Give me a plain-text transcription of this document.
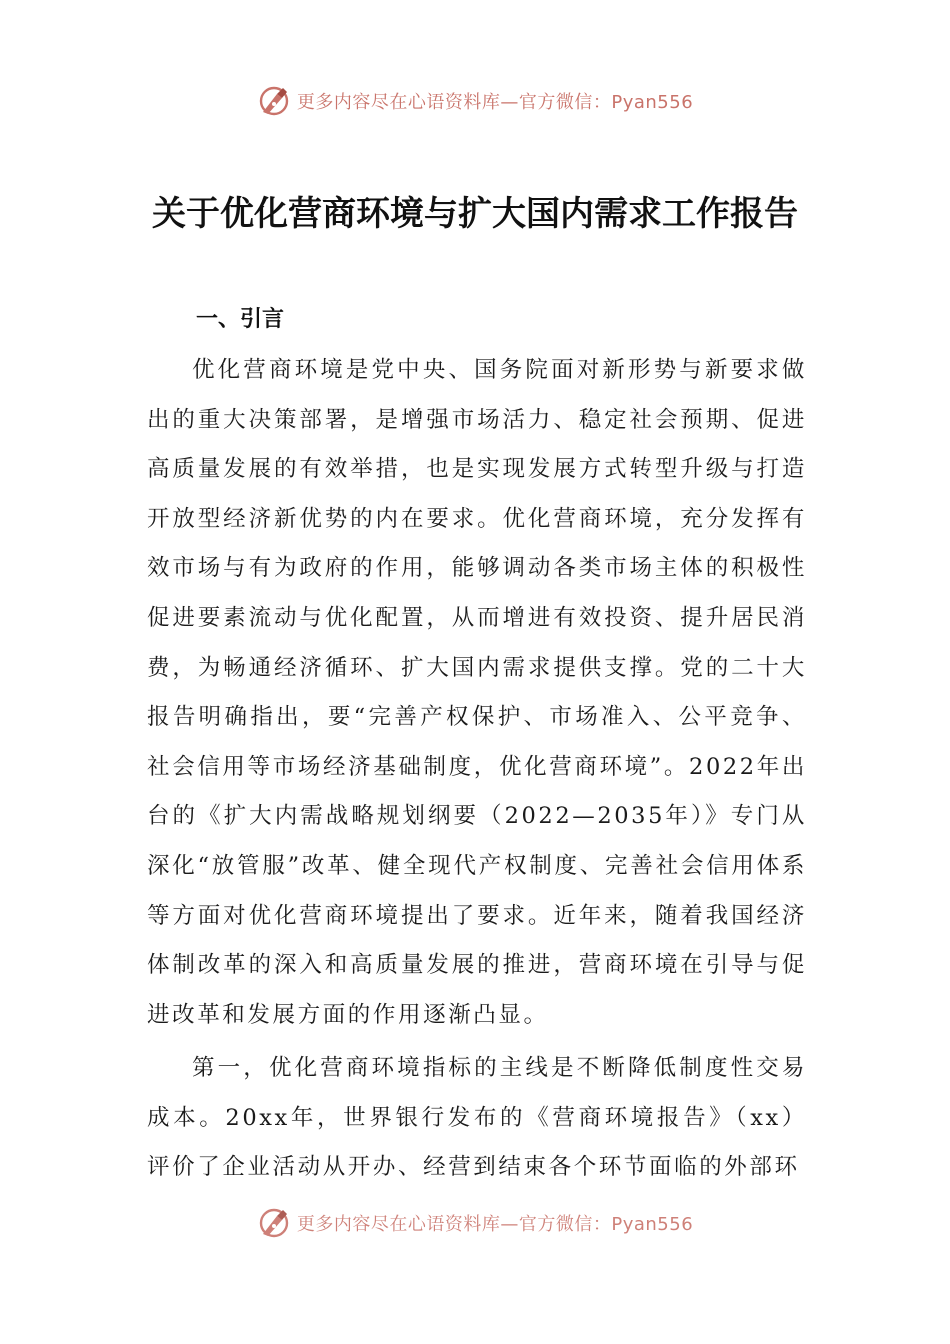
更多内容尽在心语资料库—官方微信：Pyan556
关于优化营商环境与扩大国内需求工作报告
一、引言

优化营商环境是党中央、国务院面对新形势与新要求做出的重大决策部署，是增强市场活力、稳定社会预期、促进高质量发展的有效举措，也是实现发展方式转型升级与打造开放型经济新优势的内在要求。优化营商环境，充分发挥有效市场与有为政府的作用，能够调动各类市场主体的积极性促进要素流动与优化配置，从而增进有效投资、提升居民消费，为畅通经济循环、扩大国内需求提供支撑。党的二十大报告明确指出，要“完善产权保护、市场准入、公平竞争、社会信用等市场经济基础制度，优化营商环境”。2022年出台的《扩大内需战略规划纲要（2022—2035年）》专门从深化“放管服”改革、健全现代产权制度、完善社会信用体系等方面对优化营商环境提出了要求。近年来，随着我国经济体制改革的深入和高质量发展的推进，营商环境在引导与促进改革和发展方面的作用逐渐凸显。

第一，优化营商环境指标的主线是不断降低制度性交易成本。20xx年，世界银行发布的《营商环境报告》（xx）评价了企业活动从开办、经营到结束各个环节面临的外部环

更多内容尽在心语资料库—官方微信：Pyan556
